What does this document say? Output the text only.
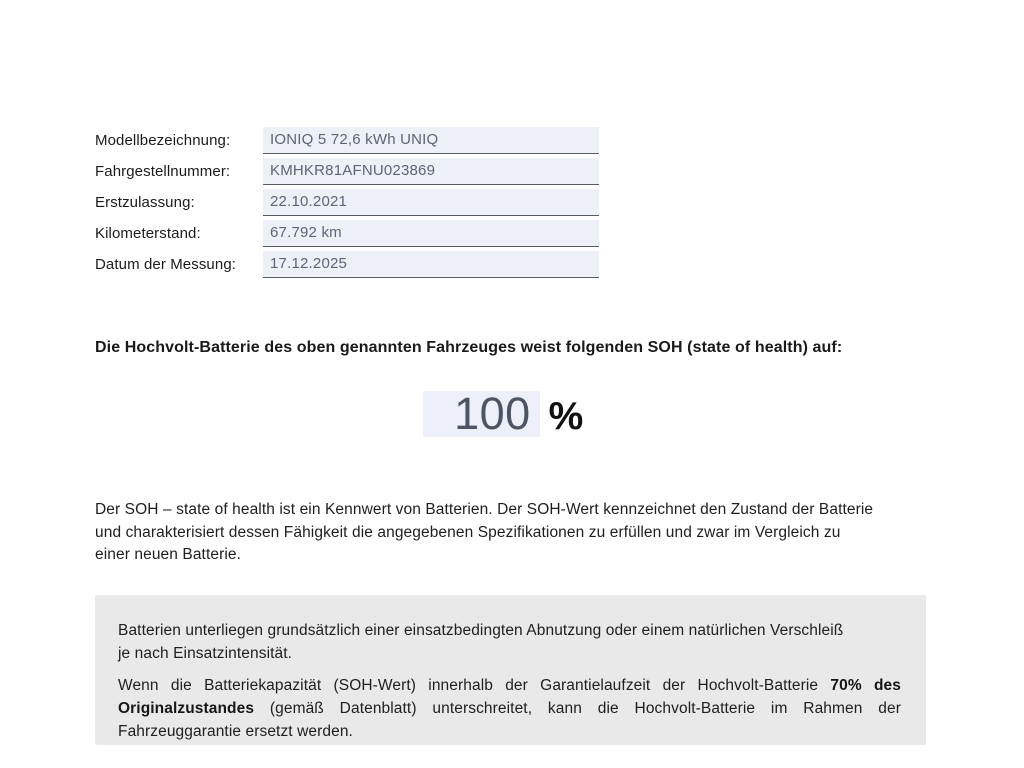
Modellbezeichnung:	IONIQ 5 72,6 kWh UNIQ
Fahrgestellnummer:	KMHKR81AFNU023869
Erstzulassung:	22.10.2021
Kilometerstand:	67.792 km
Datum der Messung:	17.12.2025

Die Hochvolt-Batterie des oben genannten Fahrzeuges weist folgenden SOH (state of health) auf:

100 %
Der SOH – state of health ist ein Kennwert von Batterien. Der SOH-Wert kennzeichnet den Zustand der Batterie
und charakterisiert dessen Fähigkeit die angegebenen Spezifikationen zu erfüllen und zwar im Vergleich zu
einer neuen Batterie.

Batterien unterliegen grundsätzlich einer einsatzbedingten Abnutzung oder einem natürlichen Verschleiß
je nach Einsatzintensität.

Wenn die Batteriekapazität (SOH-Wert) innerhalb der Garantielaufzeit der Hochvolt-Batterie 70% des Originalzustandes (gemäß Datenblatt) unterschreitet, kann die Hochvolt-Batterie im Rahmen der Fahrzeuggarantie ersetzt werden.
